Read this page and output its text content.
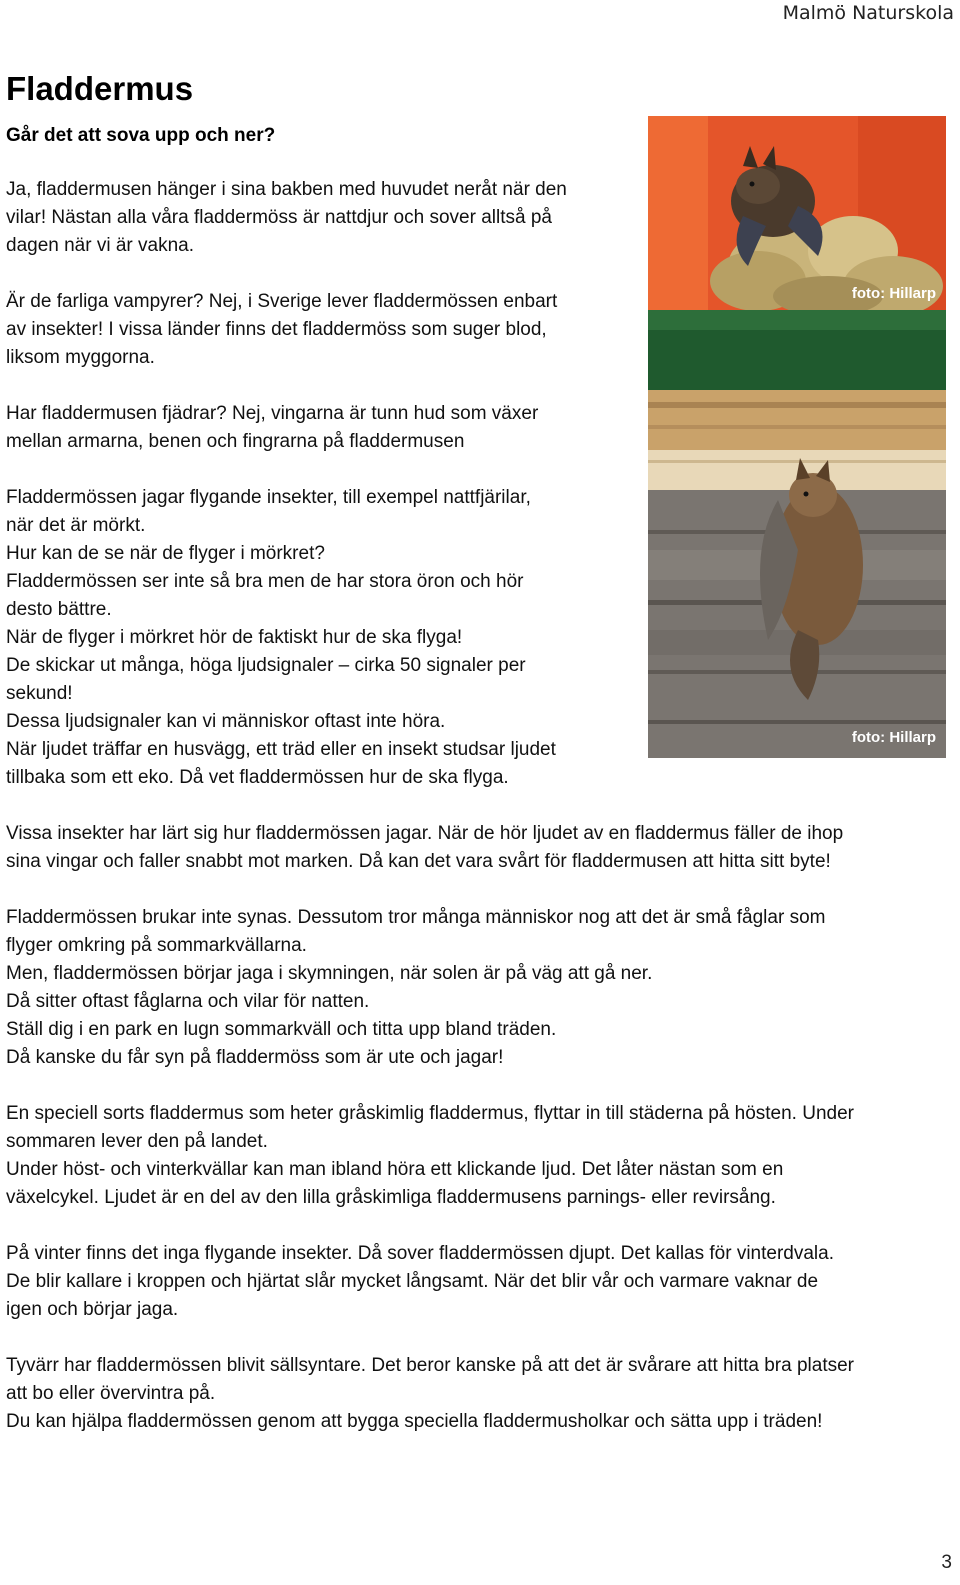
Malmö Naturskola
Fladdermus
Går det att sova upp och ner?
Ja, fladdermusen hänger i sina bakben med huvudet neråt när den
vilar! Nästan alla våra fladdermöss är nattdjur och sover alltså på
dagen när vi är vakna.
Är de farliga vampyrer? Nej, i Sverige lever fladdermössen enbart
av insekter! I vissa länder finns det fladdermöss som suger blod,
liksom myggorna.
Har fladdermusen fjädrar? Nej, vingarna är tunn hud som växer
mellan armarna, benen och fingrarna på fladdermusen
Fladdermössen jagar flygande insekter, till exempel nattfjärilar,
när det är mörkt.
Hur kan de se när de flyger i mörkret?
Fladdermössen ser inte så bra men de har stora öron och hör
desto bättre.
När de flyger i mörkret hör de faktiskt hur de ska flyga!
De skickar ut många, höga ljudsignaler – cirka 50 signaler per
sekund!
Dessa ljudsignaler kan vi människor oftast inte höra.
När ljudet träffar en husvägg, ett träd eller en insekt studsar ljudet
tillbaka som ett eko. Då vet fladdermössen hur de ska flyga.
foto: Hillarp
foto: Hillarp
Vissa insekter har lärt sig hur fladdermössen jagar. När de hör ljudet av en fladdermus fäller de ihop
sina vingar och faller snabbt mot marken. Då kan det vara svårt för fladdermusen att hitta sitt byte!
Fladdermössen brukar inte synas. Dessutom tror många människor nog att det är små fåglar som
flyger omkring på sommarkvällarna.
Men, fladdermössen börjar jaga i skymningen, när solen är på väg att gå ner.
Då sitter oftast fåglarna och vilar för natten.
Ställ dig i en park en lugn sommarkväll och titta upp bland träden.
Då kanske du får syn på fladdermöss som är ute och jagar!
En speciell sorts fladdermus som heter gråskimlig fladdermus, flyttar in till städerna på hösten. Under
sommaren lever den på landet.
Under höst- och vinterkvällar kan man ibland höra ett klickande ljud. Det låter nästan som en
växelcykel. Ljudet är en del av den lilla gråskimliga fladdermusens parnings- eller revirsång.
På vinter finns det inga flygande insekter. Då sover fladdermössen djupt. Det kallas för vinterdvala.
De blir kallare i kroppen och hjärtat slår mycket långsamt. När det blir vår och varmare vaknar de
igen och börjar jaga.
Tyvärr har fladdermössen blivit sällsyntare. Det beror kanske på att det är svårare att hitta bra platser
att bo eller övervintra på.
Du kan hjälpa fladdermössen genom att bygga speciella fladdermusholkar och sätta upp i träden!
3
